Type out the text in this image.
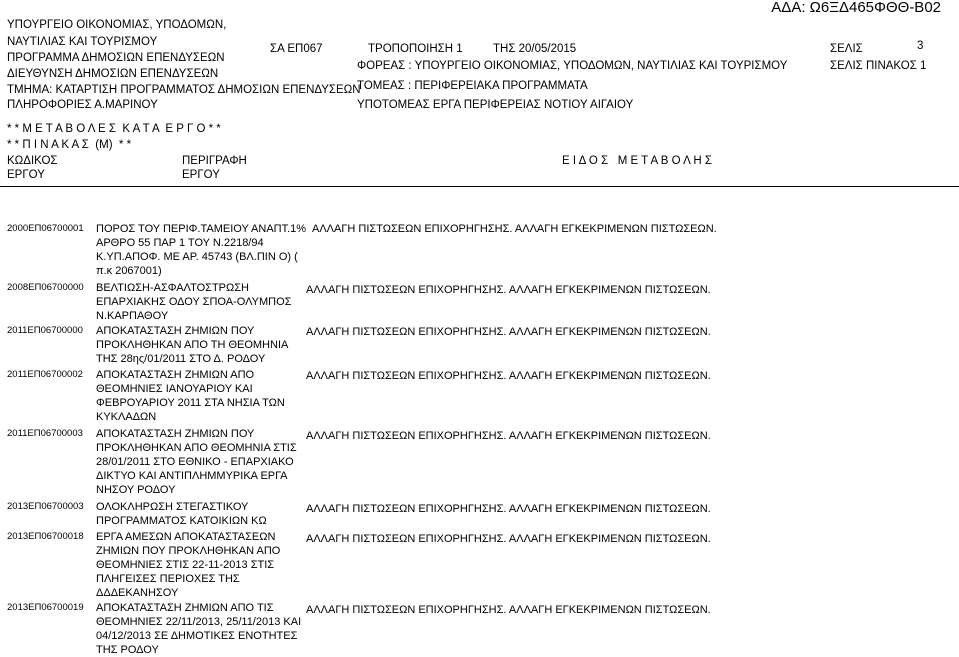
ΑΔΑ: Ω6ΞΔ465ΦΘΘ-Β02
ΥΠΟΥΡΓΕΙΟ ΟΙΚΟΝΟΜΙΑΣ, ΥΠΟΔΟΜΩΝ,
ΝΑΥΤΙΛΙΑΣ ΚΑΙ ΤΟΥΡΙΣΜΟΥ
ΠΡΟΓΡΑΜΜΑ ΔΗΜΟΣΙΩΝ ΕΠΕΝΔΥΣΕΩΝ
ΔΙΕΥΘΥΝΣΗ ΔΗΜΟΣΙΩΝ ΕΠΕΝΔΥΣΕΩΝ
ΤΜΗΜΑ: ΚΑΤΑΡΤΙΣΗ ΠΡΟΓΡΑΜΜΑΤΟΣ ΔΗΜΟΣΙΩΝ ΕΠΕΝΔΥΣΕΩΝ
ΠΛΗΡΟΦΟΡΙΕΣ Α.ΜΑΡΙΝΟΥ
ΣΑ ΕΠ067	ΤΡΟΠΟΠΟΙΗΣΗ 1	ΤΗΣ 20/05/2015
ΦΟΡΕΑΣ : ΥΠΟΥΡΓΕΙΟ ΟΙΚΟΝΟΜΙΑΣ, ΥΠΟΔΟΜΩΝ, ΝΑΥΤΙΛΙΑΣ ΚΑΙ ΤΟΥΡΙΣΜΟΥ
ΤΟΜΕΑΣ : ΠΕΡΙΦΕΡΕΙΑΚΑ ΠΡΟΓΡΑΜΜΑΤΑ
ΥΠΟΤΟΜΕΑΣ ΕΡΓΑ ΠΕΡΙΦΕΡΕΙΑΣ ΝΟΤΙΟΥ ΑΙΓΑΙΟΥ
ΣΕΛΙΣ	3
ΣΕΛΙΣ ΠΙΝΑΚΟΣ 1
* * Μ Ε Τ Α Β Ο Λ Ε Σ  Κ Α Τ Α  Ε Ρ Γ Ο * *
* * Π Ι Ν Α Κ Α Σ  (Μ)  * *
ΚΩΔΙΚΟΣ
ΕΡΓΟΥ
ΠΕΡΙΓΡΑΦΗ
ΕΡΓΟΥ
Ε Ι Δ Ο Σ   Μ Ε Τ Α Β Ο Λ Η Σ
2000ΕΠ06700001 ΠΟΡΟΣ ΤΟΥ ΠΕΡΙΦ.ΤΑΜΕΙΟΥ ΑΝΑΠΤ.1% ΑΡΘΡΟ 55 ΠΑΡ 1 ΤΟΥ Ν.2218/94 Κ.ΥΠ.ΑΠΟΦ. ΜΕ ΑΡ. 45743 (ΒΛ.ΠΙΝ Ο) ( π.κ 2067001)
ΑΛΛΑΓΗ ΠΙΣΤΩΣΕΩΝ ΕΠΙΧΟΡΗΓΗΣΗΣ. ΑΛΛΑΓΗ ΕΓΚΕΚΡΙΜΕΝΩΝ ΠΙΣΤΩΣΕΩΝ.
2008ΕΠ06700000 ΒΕΛΤΙΩΣΗ-ΑΣΦΑΛΤΟΣΤΡΩΣΗ ΕΠΑΡΧΙΑΚΗΣ ΟΔΟΥ ΣΠΟΑ-ΟΛΥΜΠΟΣ Ν.ΚΑΡΠΑΘΟΥ
ΑΛΛΑΓΗ ΠΙΣΤΩΣΕΩΝ ΕΠΙΧΟΡΗΓΗΣΗΣ. ΑΛΛΑΓΗ ΕΓΚΕΚΡΙΜΕΝΩΝ ΠΙΣΤΩΣΕΩΝ.
2011ΕΠ06700000 ΑΠΟΚΑΤΑΣΤΑΣΗ ΖΗΜΙΩΝ ΠΟΥ ΠΡΟΚΛΗΘΗΚΑΝ ΑΠΟ ΤΗ ΘΕΟΜΗΝΙΑ ΤΗΣ 28ης/01/2011 ΣΤΟ Δ. ΡΟΔΟΥ
ΑΛΛΑΓΗ ΠΙΣΤΩΣΕΩΝ ΕΠΙΧΟΡΗΓΗΣΗΣ. ΑΛΛΑΓΗ ΕΓΚΕΚΡΙΜΕΝΩΝ ΠΙΣΤΩΣΕΩΝ.
2011ΕΠ06700002 ΑΠΟΚΑΤΑΣΤΑΣΗ ΖΗΜΙΩΝ ΑΠΟ ΘΕΟΜΗΝΙΕΣ ΙΑΝΟΥΑΡΙΟΥ ΚΑΙ ΦΕΒΡΟΥΑΡΙΟΥ 2011 ΣΤΑ ΝΗΣΙΑ ΤΩΝ ΚΥΚΛΑΔΩΝ
ΑΛΛΑΓΗ ΠΙΣΤΩΣΕΩΝ ΕΠΙΧΟΡΗΓΗΣΗΣ. ΑΛΛΑΓΗ ΕΓΚΕΚΡΙΜΕΝΩΝ ΠΙΣΤΩΣΕΩΝ.
2011ΕΠ06700003 ΑΠΟΚΑΤΑΣΤΑΣΗ ΖΗΜΙΩΝ ΠΟΥ ΠΡΟΚΛΗΘΗΚΑΝ ΑΠΟ ΘΕΟΜΗΝΙΑ ΣΤΙΣ 28/01/2011 ΣΤΟ ΕΘΝΙΚΟ - ΕΠΑΡΧΙΑΚΟ ΔΙΚΤΥΟ ΚΑΙ ΑΝΤΙΠΛΗΜΜΥΡΙΚΑ ΕΡΓΑ ΝΗΣΟΥ ΡΟΔΟΥ
ΑΛΛΑΓΗ ΠΙΣΤΩΣΕΩΝ ΕΠΙΧΟΡΗΓΗΣΗΣ. ΑΛΛΑΓΗ ΕΓΚΕΚΡΙΜΕΝΩΝ ΠΙΣΤΩΣΕΩΝ.
2013ΕΠ06700003 ΟΛΟΚΛΗΡΩΣΗ ΣΤΕΓΑΣΤΙΚΟΥ ΠΡΟΓΡΑΜΜΑΤΟΣ ΚΑΤΟΙΚΙΩΝ ΚΩ
ΑΛΛΑΓΗ ΠΙΣΤΩΣΕΩΝ ΕΠΙΧΟΡΗΓΗΣΗΣ. ΑΛΛΑΓΗ ΕΓΚΕΚΡΙΜΕΝΩΝ ΠΙΣΤΩΣΕΩΝ.
2013ΕΠ06700018 ΕΡΓΑ ΑΜΕΣΩΝ ΑΠΟΚΑΤΑΣΤΑΣΕΩΝ ΖΗΜΙΩΝ ΠΟΥ ΠΡΟΚΛΗΘΗΚΑΝ ΑΠΟ ΘΕΟΜΗΝΙΕΣ ΣΤΙΣ 22-11-2013 ΣΤΙΣ ΠΛΗΓΕΙΣΕΣ ΠΕΡΙΟΧΕΣ ΤΗΣ ΔΔΔΕΚΑΝΗΣΟΥ
ΑΛΛΑΓΗ ΠΙΣΤΩΣΕΩΝ ΕΠΙΧΟΡΗΓΗΣΗΣ. ΑΛΛΑΓΗ ΕΓΚΕΚΡΙΜΕΝΩΝ ΠΙΣΤΩΣΕΩΝ.
2013ΕΠ06700019 ΑΠΟΚΑΤΑΣΤΑΣΗ ΖΗΜΙΩΝ ΑΠΟ ΤΙΣ ΘΕΟΜΗΝΙΕΣ 22/11/2013, 25/11/2013 ΚΑΙ 04/12/2013 ΣΕ ΔΗΜΟΤΙΚΕΣ ΕΝΟΤΗΤΕΣ ΤΗΣ ΡΟΔΟΥ
ΑΛΛΑΓΗ ΠΙΣΤΩΣΕΩΝ ΕΠΙΧΟΡΗΓΗΣΗΣ. ΑΛΛΑΓΗ ΕΓΚΕΚΡΙΜΕΝΩΝ ΠΙΣΤΩΣΕΩΝ.
